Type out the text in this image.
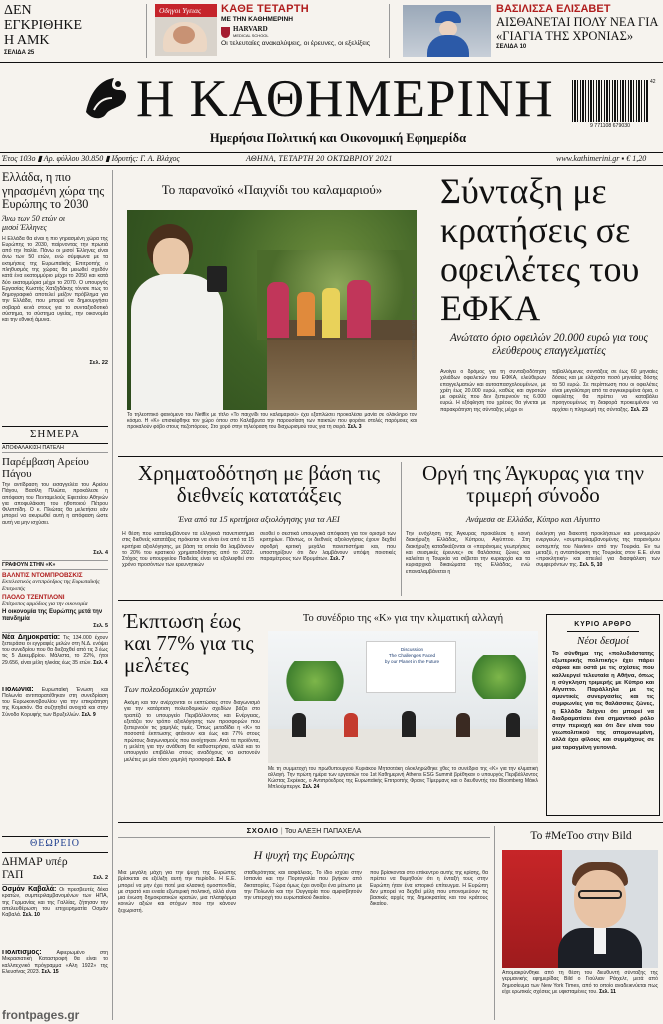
ΔΕΝ ΕΓΚΡΙΘΗΚΕ Η ΑΜΚ
ΣΕΛΙΔΑ 25
Οδηγοι Υγειας ΚΑΘΕ ΤΕΤΑΡΤΗ
ΜΕ ΤΗΝ ΚΑΘΗΜΕΡΙΝΗ
HARVARD
MEDICAL SCHOOL
Οι τελευταίες ανακαλύψεις, οι έρευνες, οι εξελίξεις
ΒΑΣΙΛΙΣΣΑ ΕΛΙΣΑΒΕΤ
ΑΙΣΘΑΝΕΤΑΙ ΠΟΛΥ ΝΕΑ ΓΙΑ «ΓΙΑΓΙΑ ΤΗΣ ΧΡΟΝΙΑΣ»
ΣΕΛΙΔΑ 10
Η ΚΑΘΗΜΕΡΙΝΗ
Ημερήσια Πολιτική και Οικονομική Εφημερίδα
9 771108 679030
42
Έτος 103ο ▮ Αρ. φύλλου 30.850 ▮ Ιδρυτής: Γ. Α. Βλάχος	ΑΘΗΝΑ, ΤΕΤΑΡΤΗ 20 ΟΚΤΩΒΡΙΟΥ 2021	www.kathimerini.gr ▪ € 1,20
Ελλάδα, η πιο γηρασμένη χώρα της Ευρώπης το 2030
Άνω των 50 ετών οι μισοί Έλληνες
Η Ελλάδα θα είναι η πιο γηρασμένη χώρα της Ευρώπης το 2030, παίρνοντας την πρωτιά από την Ιταλία. Πάνω οι μισοί Έλληνες είναι άνω των 50 ετών, ενώ σύμφωνα με τα εκτιμήσεις της Ευρωπαϊκής Επιτροπής ο πληθυσμός της χώρας θα μειωθεί σχεδόν κατά ένα εκατομμύριο μέχρι το 2050 και κατά δύο εκατομμύρια μέχρι το 2070. Ο υπουργός Εργασίας Κωστής Χατζηδάκης τόνισε πως το δημογραφικό αποτελεί μείζον πρόβλημα για την Ελλάδα, που μπορεί να δημιουργήσει σοβαρά κενά στους για το συνταξιοδοτικό σύστημα, το σύστημα υγείας, την οικονομία και την εθνική άμυνα.
Σελ. 22
ΣΗΜΕΡΑ
ΑΠΟΦΑΛΑΚΙΣΗ ΠΑΤΕΛΗ
Παρέμβαση Αρείου Πάγου
Την αντίδραση του εισαγγελέα του Αρείου Πάγου, Βασίλη Πλιώτα, προκάλεσε η απόφαση του Πενταμελούς Εφετείου Αθηνών για αποφυλάκιση του ηθοποιού Πέτρου Φιλιππίδη. Ο κ. Πλιώτας θα μελετήσει εάν μπορεί να ακυρωθεί αυτή η απόφαση ώστε αυτή να μην ισχύσει.
Σελ. 4
ΓΡΑΦΟΥΝ ΣΤΗΝ «Κ»
ΒΑΛΝΤΙΣ ΝΤΟΜΠΡΟΒΣΚΙΣ
Εκτελεστικός αντιπρόεδρος της Ευρωπαϊκής Επιτροπής
ΠΑΟΛΟ ΤΖΕΝΤΙΛΟΝΙ
Επίτροπος αρμόδιος για την οικονομία
Η οικονομία της Ευρώπης μετά την πανδημία
Σελ. 5
Νέα Δημοκρατία: Τις 134.000 έχουν ξεπεράσει οι εγγραφές μελών στη Ν.Δ. ενόψει του συνεδρίου που θα διεξαχθεί από τις 3 έως τις 5 Δεκεμβρίου. Μάλιστα, το 22%, ήτοι 29.656, είναι μέλη ηλικίας έως 35 ετών. Σελ. 4
Πολωνία: Ευρωπαϊκή Ένωση και Πολωνία αντιπαρατέθηκαν στη συνεδρίαση του Ευρωκοινοβουλίου για την επικράτηση της Κομισιόν. Θα συζητηθεί ανοιχτά και στην Σύνοδο Κορυφής των Βρυξελλών. Σελ. 9
ΘΕΩΡΕΙΟ
ΔΗΜΑΡ υπέρ ΓΑΠ	Σελ. 2
Οσμάν Καβαλά: Οι πρεσβευτές δέκα κρατών, συμπεριλαμβανομένων των ΗΠΑ, της Γερμανίας και της Γαλλίας, ζήτησαν την απελευθέρωση του επιχειρηματία Οσμάν Καβαλά. Σελ. 10
Πολιτισμός:	Αφιερωμένο στη Μικρασιατική Καταστροφή θα είναι το καλλιτεχνικό πρόγραμμα «Αλη 1922» της Ελευσίνας 2023. Σελ. 15
frontpages.gr
Το παρανοϊκό «Παιχνίδι του καλαμαριού»
Το τηλεοπτικό φαινόμενο του Netflix με τίτλο «Το παιχνίδι του καλαμαριού» έχει εξαπλώσει προκαλέσει μανία σε ολόκληρο τον κόσμο. Η «Κ» επισκέφθηκε τον χώρο όπου στο Καλάβρυτα την παρουσίαση των παικτών που φοράνε στολές παρόμοιες και προκαλούν φόβο στους πεζοπόρους. Στο χορό στην τηλεόραση του διαχωρισμού τους για τη σειρά. Σελ. 3
ΦΩΤΟΓΡΑΦΙΑ: ΑΠΟ ΤΟ ΑΡΧΕΙΟ ΤΗΣ «Κ»
Σύνταξη με κρατήσεις σε οφειλέτες του ΕΦΚΑ
Ανώτατο όριο οφειλών 20.000 ευρώ για τους ελεύθερους επαγγελματίες
Ανοίγει ο δρόμος για τη συνταξιοδότηση χιλιάδων οφειλετών του ΕΦΚΑ, ελεύθερων επαγγελματιών και αυτοαπασχολουμένων, με χρέη έως 20.000 ευρώ, καθώς και αγροτών με οφειλές που δεν ξεπερνούν τις 6.000 ευρώ. Η εξόφληση του χρέους θα γίνεται με παρακράτηση της σύνταξης μέχρι οι
ταβαλλόμενες συντάξεις σε έως 60 μηνιαίες δόσεις και με ελάχιστο ποσό μηνιαίας δόσης τα 50 ευρώ. Σε περίπτωση που οι οφειλέτες είναι μεγαλύτερη από τα συγκεκριμένα όρια, ο οφειλέτης θα πρέπει να καταβάλει προηγουμένως τη διαφορά προκειμένου να αρχίσει η πληρωμή της σύνταξης. Σελ. 23
Χρηματοδότηση με βάση τις διεθνείς κατατάξεις
Ένα από τα 15 κριτήρια αξιολόγησης για τα ΑΕΙ
Η θέση που καταλαμβάνουν τα ελληνικά πανεπιστήμια στις διεθνείς κατατάξεις πρόκειται να είναι ένα από τα 15 κριτήρια αξιολόγησης, με βάση τα οποία θα λαμβάνουν το 20% του κρατικού χρηματοδότησης από το 2022. Στόχος του υπουργείου Παιδείας είναι να εξαλειφθεί στο χρόνο προσόντων των ερευνητικών
σεοθεί ο σεστικά υπουργικά απόφαση για τον ορισμό των κριτηρίων. Πάντως, οι διεθνείς αξιολογήσεις έχουν δεχθεί σφοδρή κριτική μεγάλα πανεπιστήμια και, που υποστηρίζουν ότι δεν λαμβάνουν υπόψη ποιοτικές παραμέτρους των Ιδρυμάτων. Σελ. 7
Οργή της Άγκυρας για την τριμερή σύνοδο
Ανάμεσα σε Ελλάδα, Κύπρο και Αίγυπτο
Την ενόχληση της Άγκυρας προκάλεσε η κοινή διακήρυξη Ελλάδας, Κύπρου, Αιγύπτου. Στη διακήρυξη καταδικάζονται οι «παράνομες γεωτρήσεις και σεισμικές έρευνες» σε θαλάσσιες ζώνες και καλείται η Τουρκία να σέβεται την κυριαρχία και τα κυριαρχικά δικαιώματα της Ελλάδας, ενώ επαναλαμβάνεται η
έκκληση για διακοπή προκλήσεων και μονομερών ενεργειών, «συμπεριλαμβανομένης της παρανόμου εκπομπής του Navtex» από την Τουρκία. Εν τω μεταξύ, η ανταπόκριση της Τουρκίας στον Ε.Ε. είναι «προκλητική» και απειλεί για διασφάλιση των συμφερόντων της. Σελ. 5, 10
Έκπτωση έως και 77% για τις μελέτες
Των πολεοδομικών χαρτών
Ακόμη και ταν ανέρχονται οι εκπτώσεις στον διαγωνισμό για την κατάρτιση πολεοδομικών σχεδίων βάζει στο τραπέζι το υπουργείο Περιβάλλοντος και Ενέργειας, εξετάζει τον τρόπο αξιολόγησης των προσφορών που ξεπερνούν τις χαμηλές τιμές. Όπως μεταδίδει η «Κ» τα ποσοστά έκπτωσης φτάνουν και έως και 77% στους πρώτους διαγωνισμούς που ανοίχτηκαν. Από τα προϊόντα, η μελέτη για την ανάθεση θα καθυστερήσει, αλλά και το υπουργείο επιβάλλει στους αναδόχους να εκπονούν μελέτες με μία τόσο χαμηλή προσφορά. Σελ. 8
Το συνέδριο της «Κ» για την κλιματική αλλαγή
Discussion
The Challenges Faced
by our Planet in the Future
Με τη συμμετοχή του πρωθυπουργού Κυριάκου Μητσοτάκη ολοκληρώθηκε χθες το συνέδριο της «Κ» για την κλιματική αλλαγή. Την πρώτη ημέρα των εργασιών του 1st Καθημερινή Athens ESG Summit βρέθηκαν ο υπουργός Περιβάλλοντος Κώστας Σκρέκας, ο Αντιπρόεδρος της Ευρωπαϊκής Επιτροπής Φρανς Τίμερμανς και ο διευθυντής του Bloomberg Μάικλ Μπλούμπεργκ. Σελ. 24
ΚΥΡΙΟ ΑΡΘΡΟ
Νέοι δεσμοί
Το σύνθημα της «πολυδιάστατης εξωτερικής πολιτικής» έχει πάρει σάρκα και οστά με τις σχέσεις που καλλιεργεί τελευταία η Αθήνα, όπως η σύγκληση τριμερής με Κύπρο και Αίγυπτο. Παράλληλα με τις αμυντικές συνεργασίες και τις συμφωνίες για τις θαλάσσιες ζώνες, η Ελλάδα δείχνει ότι μπορεί να διαδραματίσει ένα σημαντικό ρόλο στην περιοχή και ότι δεν είναι του γεωπολιτικού της απομονωμένη, αλλά έχει φίλους και συμμάχους σε μια ταραγμένη γειτονιά.
ΣΧΟΛΙΟ | Του ΑΛΕΞΗ ΠΑΠΑΧΕΛΑ
Η ψυχή της Ευρώπης
Μια μεγάλη μάχη για την ψυχή της Ευρώπης βρίσκεται σε εξέλιξη αυτή την περίοδο. Η Ε.Ε. μπορεί να μην έχει ποτέ μια κλασική ομοσπονδία, με στρατό και ενιαία εξωτερική πολιτική, αλλά είναι μια ένωση δημοκρατικών κρατών, μια πλατφόρμα κοινών αξιών και στόχων που την κάνουν ξεχωριστή.
σταθερότητας και ασφάλειας. Το ίδιο ισχύει στην Ισπανία και την Πορτογαλία που βγήκαν από δικτατορίες. Τώρα όμως έχει ανοίξει ένα μέτωπο με την Πολωνία και την Ουγγαρία που αμφισβητούν την υπεροχή του ευρωπαϊκού δικαίου.
που βρίσκονται στο επίκεντρο αυτής της κρίσης, θα πρέπει να θυμηθούν ότι η ένταξή τους στην Ευρώπη ήταν ένα ιστορικό επίτευγμα. Η Ευρώπη δεν μπορεί να δεχθεί μέλη που υπονομεύουν τις βασικές αρχές της δημοκρατίας και του κράτους δικαίου.
Το #MeToo στην Bild
Απομακρύνθηκε από τη θέση του διευθυντή σύνταξης της γερμανικής εφημερίδας Bild ο Γιούλιαν Ράιχελτ, μετά από δημοσίευμα των New York Times, από το οποίο αναδεικνύεται πως είχε ερωτικές σχέσεις με υφισταμένες του. Σελ. 11
